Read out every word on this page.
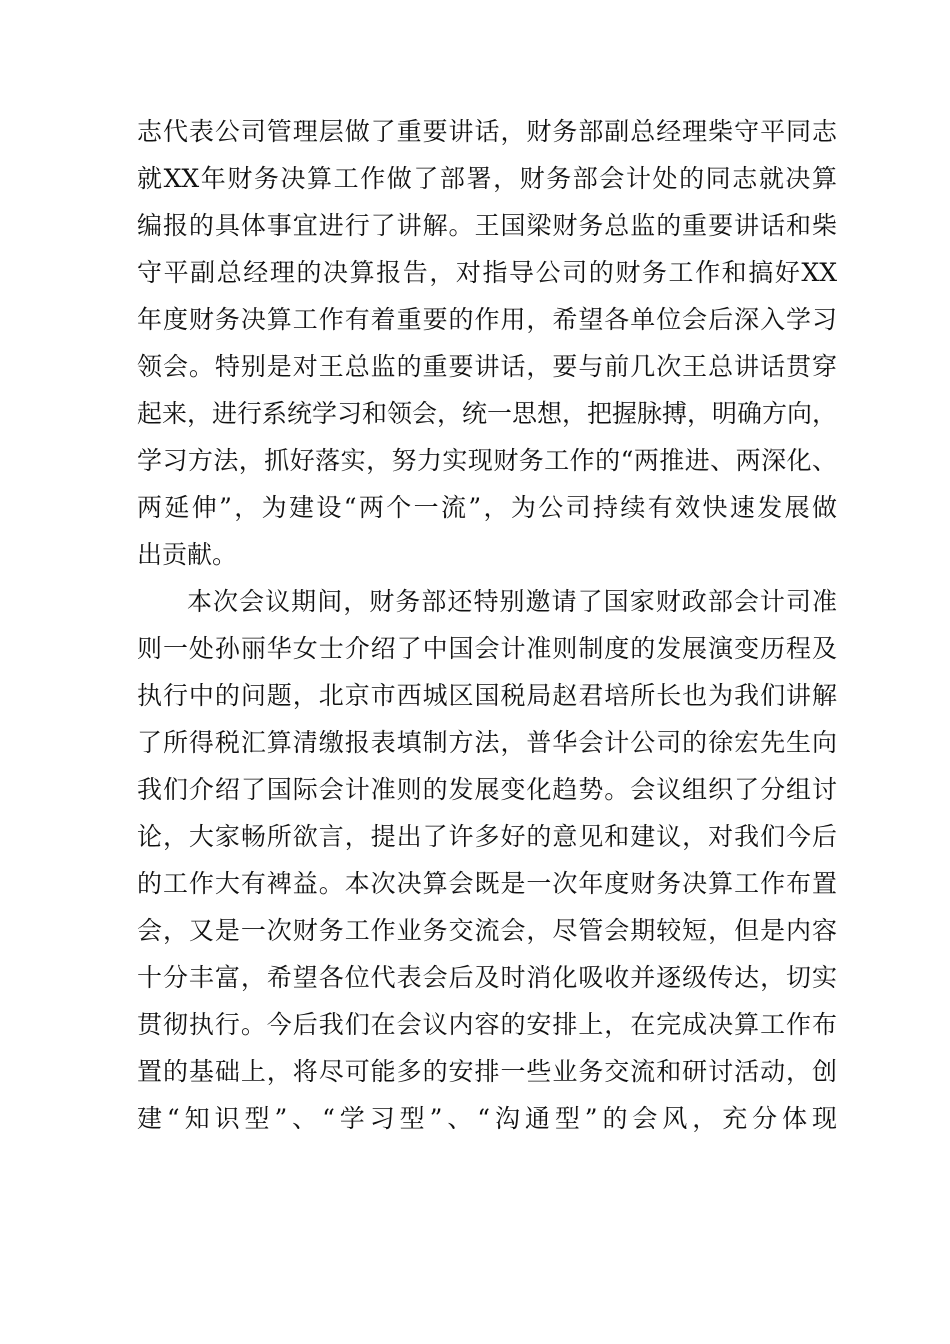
志代表公司管理层做了重要讲话，财务部副总经理柴守平同志
就XX年财务决算工作做了部署，财务部会计处的同志就决算
编报的具体事宜进行了讲解。王国梁财务总监的重要讲话和柴
守平副总经理的决算报告，对指导公司的财务工作和搞好XX
年度财务决算工作有着重要的作用，希望各单位会后深入学习
领会。特别是对王总监的重要讲话，要与前几次王总讲话贯穿
起来，进行系统学习和领会，统一思想，把握脉搏，明确方向，
学习方法，抓好落实，努力实现财务工作的“两推进、两深化、
两延伸”，为建设“两个一流”，为公司持续有效快速发展做
出贡献。
本次会议期间，财务部还特别邀请了国家财政部会计司准
则一处孙丽华女士介绍了中国会计准则制度的发展演变历程及
执行中的问题，北京市西城区国税局赵君培所长也为我们讲解
了所得税汇算清缴报表填制方法，普华会计公司的徐宏先生向
我们介绍了国际会计准则的发展变化趋势。会议组织了分组讨
论，大家畅所欲言，提出了许多好的意见和建议，对我们今后
的工作大有裨益。本次决算会既是一次年度财务决算工作布置
会，又是一次财务工作业务交流会，尽管会期较短，但是内容
十分丰富，希望各位代表会后及时消化吸收并逐级传达，切实
贯彻执行。今后我们在会议内容的安排上，在完成决算工作布
置的基础上，将尽可能多的安排一些业务交流和研讨活动，创
建“知识型”、“学习型”、“沟通型”的会风，充分体现
